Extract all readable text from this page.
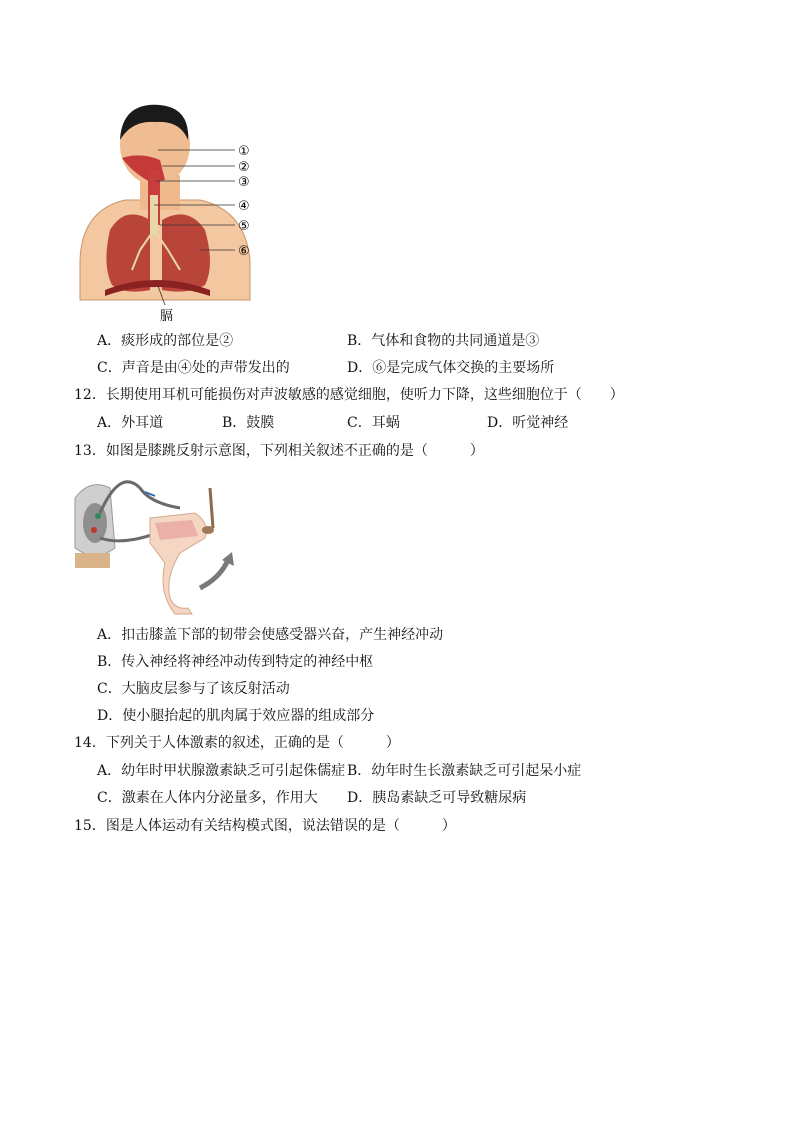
①
②
③
④
⑤
⑥
膈
A．痰形成的部位是②	B．气体和食物的共同通道是③
C．声音是由④处的声带发出的	D．⑥是完成气体交换的主要场所
12．长期使用耳机可能损伤对声波敏感的感觉细胞，使听力下降，这些细胞位于（　　）
A．外耳道	B．鼓膜	C．耳蜗	D．听觉神经
13．如图是膝跳反射示意图，下列相关叙述不正确的是（　　　）
A．扣击膝盖下部的韧带会使感受器兴奋，产生神经冲动
B．传入神经将神经冲动传到特定的神经中枢
C．大脑皮层参与了该反射活动
D．使小腿抬起的肌肉属于效应器的组成部分
14．下列关于人体激素的叙述，正确的是（　　　）
A．幼年时甲状腺激素缺乏可引起侏儒症 B．幼年时生长激素缺乏可引起呆小症
C．激素在人体内分泌量多，作用大 D．胰岛素缺乏可导致糖尿病
15．图是人体运动有关结构模式图，说法错误的是（　　　）
